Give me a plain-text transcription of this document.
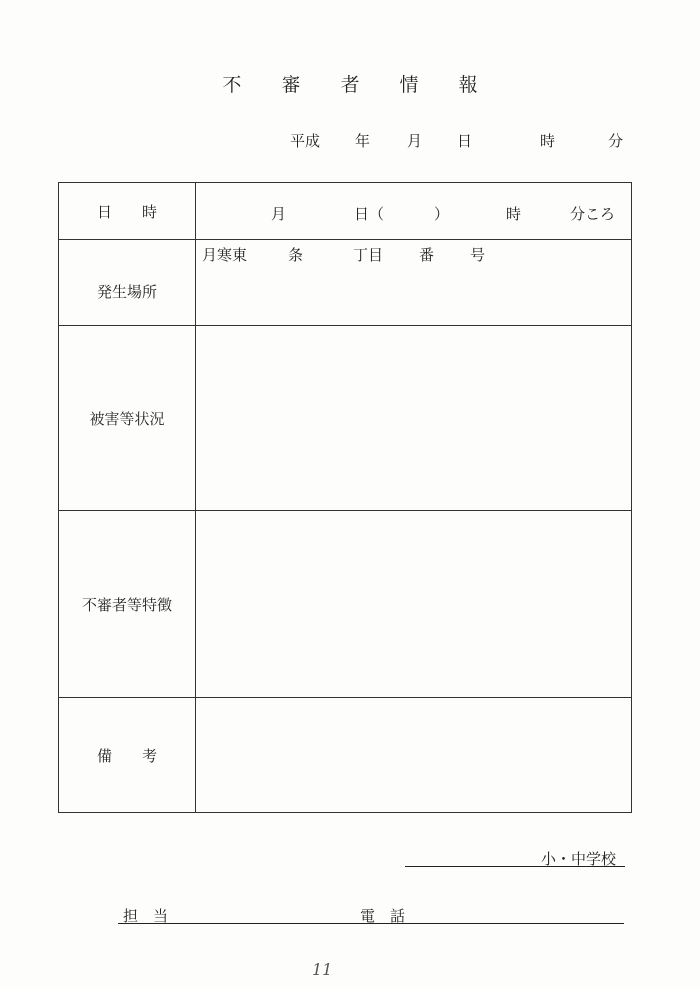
不 審 者 情 報
平成 年 月 日	時	分
日　　時	月 日（ ） 時 分ころ

発生場所	月寒東 条 丁目 番 号

被害等状況	
不審者等特徴	
備　　考	
小・中学校
担　当	電　話
11
